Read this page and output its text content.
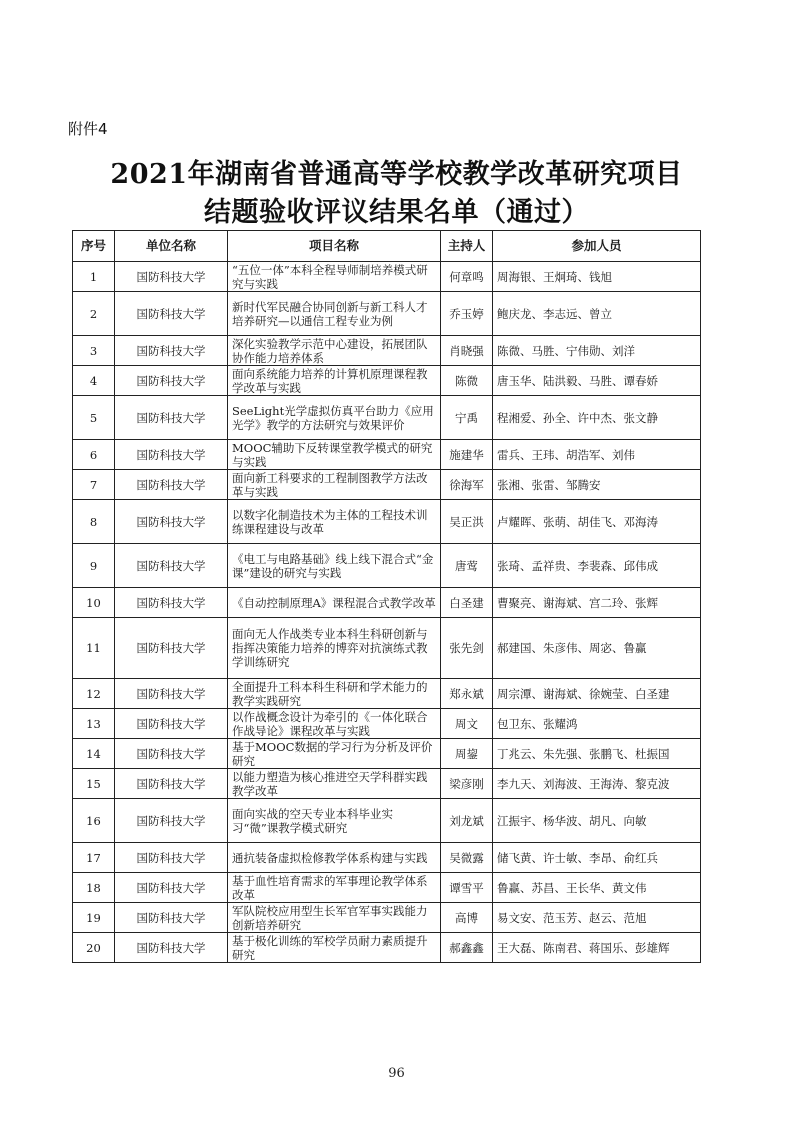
附件4
2021年湖南省普通高等学校教学改革研究项目
结题验收评议结果名单（通过）
序号	单位名称	项目名称	主持人	参加人员
1	国防科技大学	“五位一体”本科全程导师制培养模式研究与实践	何章鸣	周海银、王炯琦、钱旭
2	国防科技大学	新时代军民融合协同创新与新工科人才培养研究—以通信工程专业为例	乔玉婷	鲍庆龙、李志远、曾立
3	国防科技大学	深化实验教学示范中心建设，拓展团队协作能力培养体系	肖晓强	陈微、马胜、宁伟勋、刘洋
4	国防科技大学	面向系统能力培养的计算机原理课程教学改革与实践	陈微	唐玉华、陆洪毅、马胜、谭春娇
5	国防科技大学	SeeLight光学虚拟仿真平台助力《应用光学》教学的方法研究与效果评价	宁禹	程湘爱、孙全、许中杰、张文静
6	国防科技大学	MOOC辅助下反转课堂教学模式的研究与实践	施建华	雷兵、王玮、胡浩军、刘伟
7	国防科技大学	面向新工科要求的工程制图教学方法改革与实践	徐海军	张湘、张雷、邹腾安
8	国防科技大学	以数字化制造技术为主体的工程技术训练课程建设与改革	吴正洪	卢耀晖、张萌、胡佳飞、邓海涛
9	国防科技大学	《电工与电路基础》线上线下混合式“金课”建设的研究与实践	唐莺	张琦、孟祥贵、李裴森、邱伟成
10	国防科技大学	《自动控制原理A》课程混合式教学改革	白圣建	曹聚亮、谢海斌、宫二玲、张辉
11	国防科技大学	面向无人作战类专业本科生科研创新与指挥决策能力培养的博弈对抗演练式教学训练研究	张先剑	郝建国、朱彦伟、周宓、鲁赢
12	国防科技大学	全面提升工科本科生科研和学术能力的教学实践研究	郑永斌	周宗潭、谢海斌、徐婉莹、白圣建
13	国防科技大学	以作战概念设计为牵引的《一体化联合作战导论》课程改革与实践	周文	包卫东、张耀鸿
14	国防科技大学	基于MOOC数据的学习行为分析及评价研究	周鋆	丁兆云、朱先强、张鹏飞、杜振国
15	国防科技大学	以能力塑造为核心推进空天学科群实践教学改革	梁彦刚	李九天、刘海波、王海涛、黎克波
16	国防科技大学	面向实战的空天专业本科毕业实习“微”课教学模式研究	刘龙斌	江振宇、杨华波、胡凡、向敏
17	国防科技大学	通抗装备虚拟检修教学体系构建与实践	吴微露	储飞黄、许士敏、李昂、俞红兵
18	国防科技大学	基于血性培育需求的军事理论教学体系改革	谭雪平	鲁赢、苏昌、王长华、黄文伟
19	国防科技大学	军队院校应用型生长军官军事实践能力创新培养研究	高博	易文安、范玉芳、赵云、范旭
20	国防科技大学	基于极化训练的军校学员耐力素质提升研究	郝鑫鑫	王大磊、陈南君、蒋国乐、彭雄辉
96
